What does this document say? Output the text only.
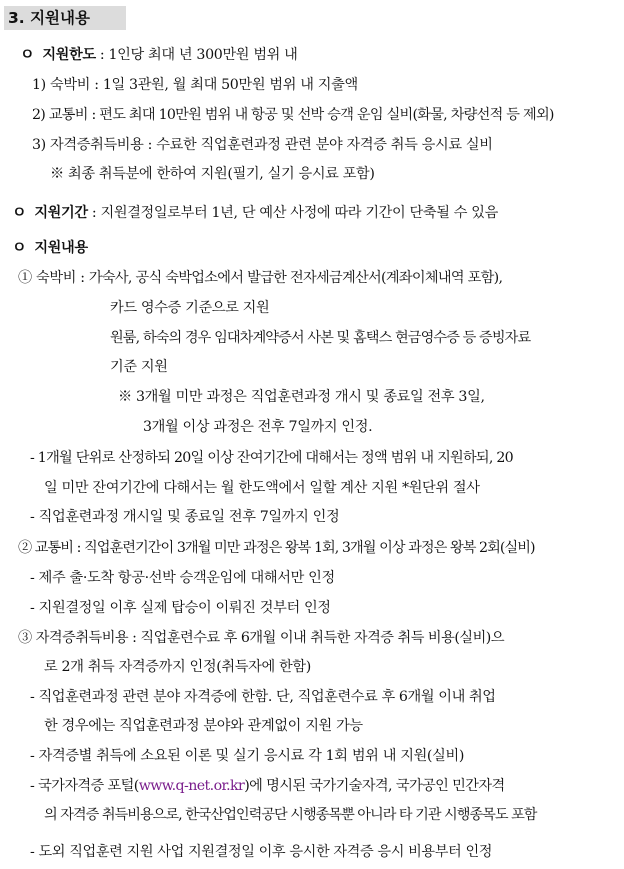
3. 지원내용
ㅇ 지원한도 : 1인당 최대 년 300만원 범위 내
1) 숙박비 : 1일 3관원, 월 최대 50만원 범위 내 지출액
2) 교통비 : 편도 최대 10만원 범위 내 항공 및 선박 승객 운임 실비(화물, 차량선적 등 제외)
3) 자격증취득비용 : 수료한 직업훈련과정 관련 분야 자격증 취득 응시료 실비
※ 최종 취득분에 한하여 지원(필기, 실기 응시료 포함)
ㅇ 지원기간 : 지원결정일로부터 1년, 단 예산 사정에 따라 기간이 단축될 수 있음
ㅇ 지원내용
① 숙박비 : 가숙사, 공식 숙박업소에서 발급한 전자세금계산서(계좌이체내역 포함),
카드 영수증 기준으로 지원
원룸, 하숙의 경우 임대차계약증서 사본 및 홈택스 현금영수증 등 증빙자료
기준 지원
※ 3개월 미만 과정은 직업훈련과정 개시 및 종료일 전후 3일,
3개월 이상 과정은 전후 7일까지 인정.
- 1개월 단위로 산정하되 20일 이상 잔여기간에 대해서는 정액 범위 내 지원하되, 20
일 미만 잔여기간에 다해서는 월 한도액에서 일할 계산 지원 *원단위 절사
- 직업훈련과정 개시일 및 종료일 전후 7일까지 인정
② 교통비 : 직업훈련기간이 3개월 미만 과정은 왕복 1회, 3개월 이상 과정은 왕복 2회(실비)
- 제주 출·도착 항공·선박 승객운임에 대해서만 인정
- 지원결정일 이후 실제 탑승이 이뤄진 것부터 인정
③ 자격증취득비용 : 직업훈련수료 후 6개월 이내 취득한 자격증 취득 비용(실비)으
로 2개 취득 자격증까지 인정(취득자에 한함)
- 직업훈련과정 관련 분야 자격증에 한함. 단, 직업훈련수료 후 6개월 이내 취업
한 경우에는 직업훈련과정 분야와 관계없이 지원 가능
- 자격증별 취득에 소요된 이론 및 실기 응시료 각 1회 범위 내 지원(실비)
- 국가자격증 포털(www.q-net.or.kr)에 명시된 국가기술자격, 국가공인 민간자격
의 자격증 취득비용으로, 한국산업인력공단 시행종목뿐 아니라 타 기관 시행종목도 포함
- 도외 직업훈련 지원 사업 지원결정일 이후 응시한 자격증 응시 비용부터 인정
